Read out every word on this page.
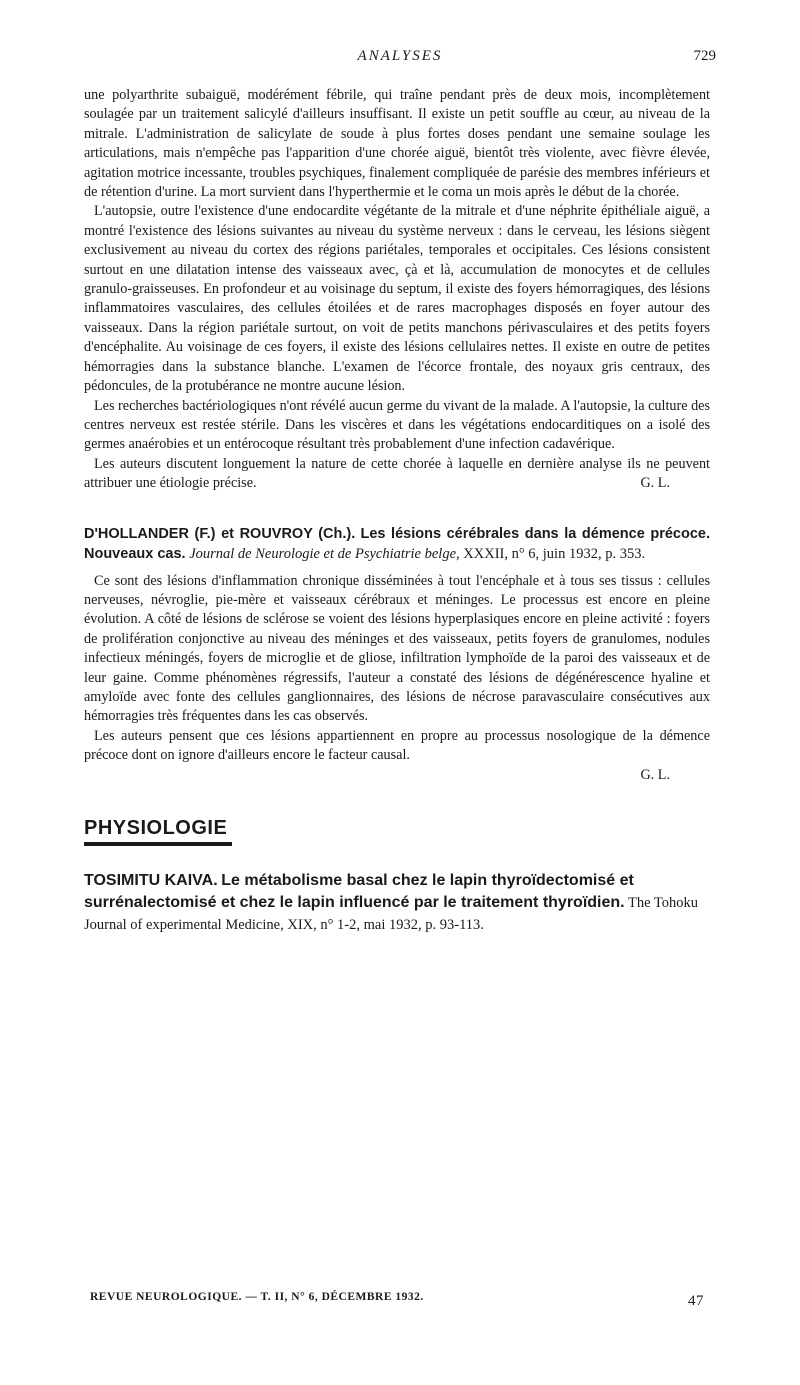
ANALYSES	729

une polyarthrite subaiguë, modérément fébrile, qui traîne pendant près de deux mois, incomplètement soulagée par un traitement salicylé d'ailleurs insuffisant. Il existe un petit souffle au cœur, au niveau de la mitrale. L'administration de salicylate de soude à plus fortes doses pendant une semaine soulage les articulations, mais n'empêche pas l'apparition d'une chorée aiguë, bientôt très violente, avec fièvre élevée, agitation motrice incessante, troubles psychiques, finalement compliquée de parésie des membres inférieurs et de rétention d'urine. La mort survient dans l'hyperthermie et le coma un mois après le début de la chorée.

L'autopsie, outre l'existence d'une endocardite végétante de la mitrale et d'une néphrite épithéliale aiguë, a montré l'existence des lésions suivantes au niveau du système nerveux : dans le cerveau, les lésions siègent exclusivement au niveau du cortex des régions pariétales, temporales et occipitales. Ces lésions consistent surtout en une dilatation intense des vaisseaux avec, çà et là, accumulation de monocytes et de cellules granulo-graisseuses. En profondeur et au voisinage du septum, il existe des foyers hémorragiques, des lésions inflammatoires vasculaires, des cellules étoilées et de rares macrophages disposés en foyer autour des vaisseaux. Dans la région pariétale surtout, on voit de petits manchons périvasculaires et des petits foyers d'encéphalite. Au voisinage de ces foyers, il existe des lésions cellulaires nettes. Il existe en outre de petites hémorragies dans la substance blanche. L'examen de l'écorce frontale, des noyaux gris centraux, des pédoncules, de la protubérance ne montre aucune lésion.

Les recherches bactériologiques n'ont révélé aucun germe du vivant de la malade. A l'autopsie, la culture des centres nerveux est restée stérile. Dans les viscères et dans les végétations endocarditiques on a isolé des germes anaérobies et un entérocoque résultant très probablement d'une infection cadavérique.

Les auteurs discutent longuement la nature de cette chorée à laquelle en dernière analyse ils ne peuvent attribuer une étiologie précise.	G. L.

D'HOLLANDER (F.) et ROUVROY (Ch.). Les lésions cérébrales dans la démence précoce. Nouveaux cas. Journal de Neurologie et de Psychiatrie belge, XXXII, n° 6, juin 1932, p. 353.

Ce sont des lésions d'inflammation chronique disséminées à tout l'encéphale et à tous ses tissus : cellules nerveuses, névroglie, pie-mère et vaisseaux cérébraux et méninges. Le processus est encore en pleine évolution. A côté de lésions de sclérose se voient des lésions hyperplasiques encore en pleine activité : foyers de prolifération conjonctive au niveau des méninges et des vaisseaux, petits foyers de granulomes, nodules infectieux méningés, foyers de microglie et de gliose, infiltration lymphoïde de la paroi des vaisseaux et de leur gaine. Comme phénomènes régressifs, l'auteur a constaté des lésions de dégénérescence hyaline et amyloïde avec fonte des cellules ganglionnaires, des lésions de nécrose paravasculaire consécutives aux hémorragies très fréquentes dans les cas observés.

Les auteurs pensent que ces lésions appartiennent en propre au processus nosologique de la démence précoce dont on ignore d'ailleurs encore le facteur causal.

G. L.
PHYSIOLOGIE
TOSIMITU KAIVA. Le métabolisme basal chez le lapin thyroïdectomisé et surrénalectomisé et chez le lapin influencé par le traitement thyroïdien. The Tohoku Journal of experimental Medicine, XIX, n° 1-2, mai 1932, p. 93-113.
REVUE NEUROLOGIQUE. — T. II, N° 6, DÉCEMBRE 1932.	47
